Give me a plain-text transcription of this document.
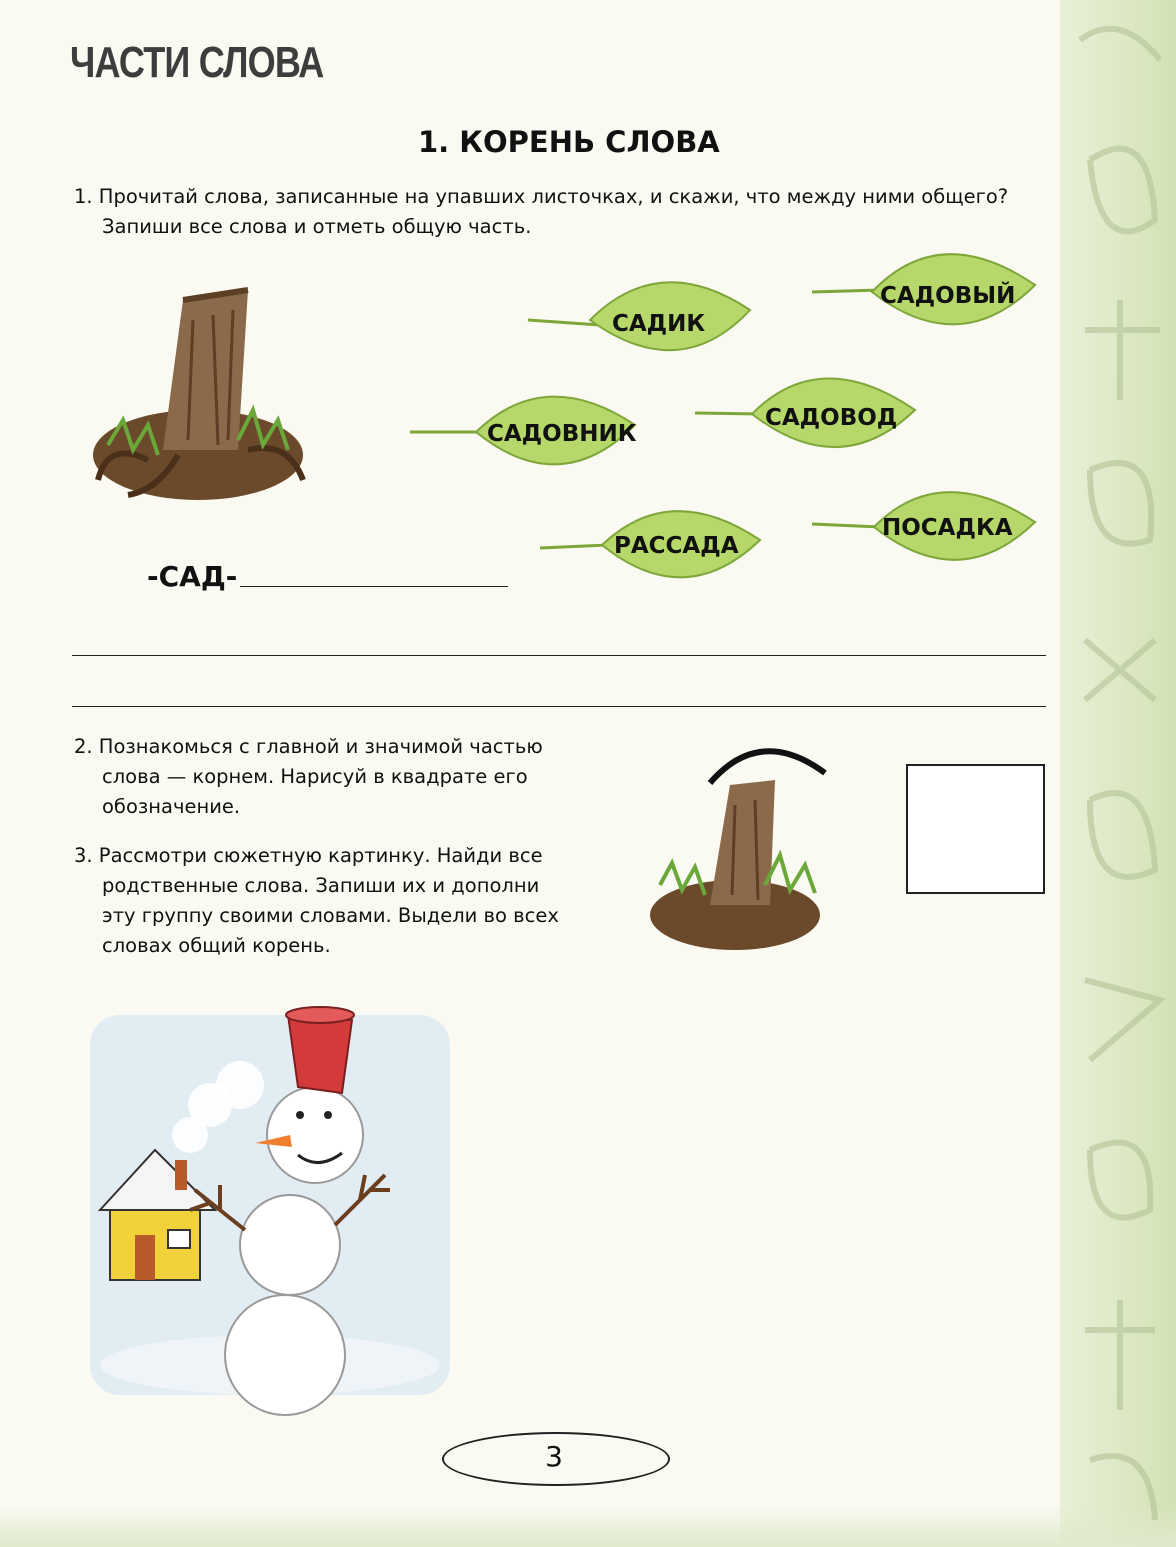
ЧАСТИ СЛОВА
1. КОРЕНЬ СЛОВА
1. Прочитай слова, записанные на упавших листочках, и скажи, что между ними общего?
Запиши все слова и отметь общую часть.
-САД-
САДИК
САДОВЫЙ
САДОВНИК
САДОВОД
РАССАДА
ПОСАДКА
2. Познакомься с главной и значимой частью
слова — корнем. Нарисуй в квадрате его
обозначение.
3. Рассмотри сюжетную картинку. Найди все
родственные слова. Запиши их и дополни
эту группу своими словами. Выдели во всех
словах общий корень.
3
